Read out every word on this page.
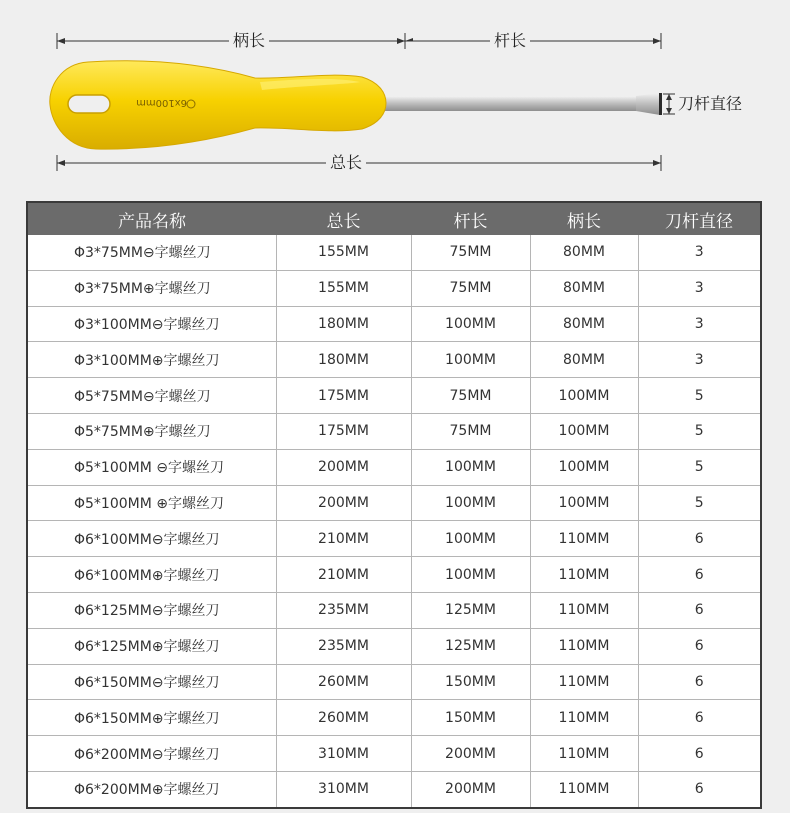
6x100mm
柄长	杆长
刀杆直径
总长
产品名称	总长	杆长	柄长	刀杆直径
Φ3*75MM⊖字螺丝刀	155MM	75MM	80MM	3
Φ3*75MM⊕字螺丝刀	155MM	75MM	80MM	3
Φ3*100MM⊖字螺丝刀	180MM	100MM	80MM	3
Φ3*100MM⊕字螺丝刀	180MM	100MM	80MM	3
Φ5*75MM⊖字螺丝刀	175MM	75MM	100MM	5
Φ5*75MM⊕字螺丝刀	175MM	75MM	100MM	5
Φ5*100MM ⊖字螺丝刀	200MM	100MM	100MM	5
Φ5*100MM ⊕字螺丝刀	200MM	100MM	100MM	5
Φ6*100MM⊖字螺丝刀	210MM	100MM	110MM	6
Φ6*100MM⊕字螺丝刀	210MM	100MM	110MM	6
Φ6*125MM⊖字螺丝刀	235MM	125MM	110MM	6
Φ6*125MM⊕字螺丝刀	235MM	125MM	110MM	6
Φ6*150MM⊖字螺丝刀	260MM	150MM	110MM	6
Φ6*150MM⊕字螺丝刀	260MM	150MM	110MM	6
Φ6*200MM⊖字螺丝刀	310MM	200MM	110MM	6
Φ6*200MM⊕字螺丝刀	310MM	200MM	110MM	6
